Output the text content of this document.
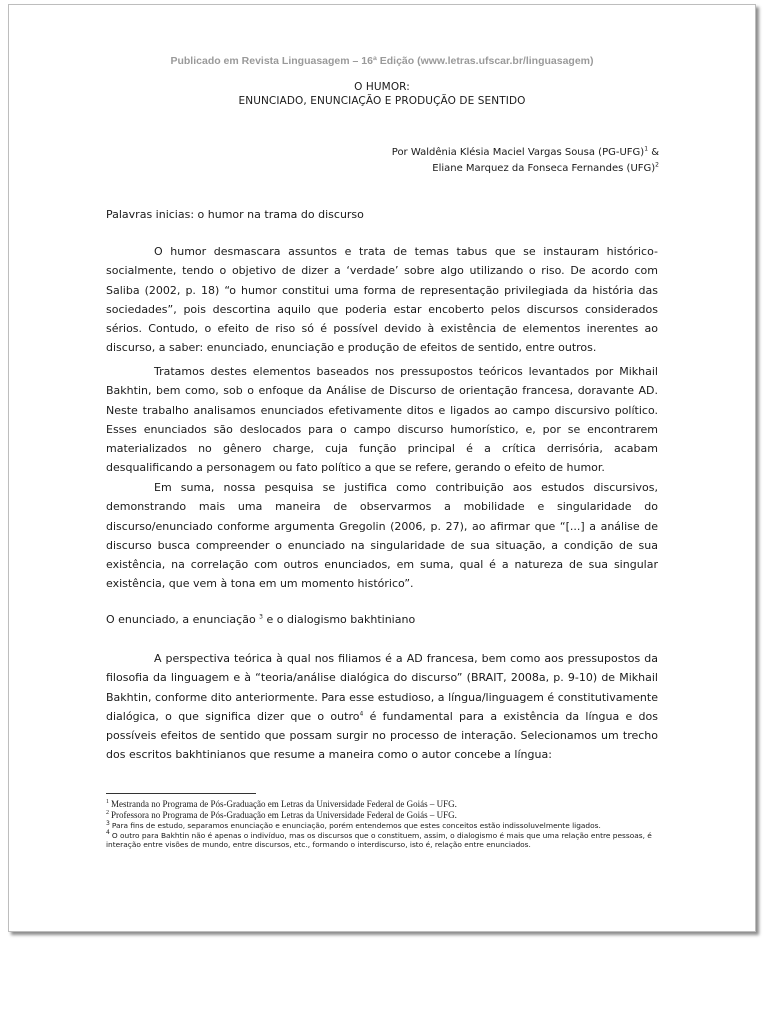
Publicado em Revista Linguasagem – 16ª Edição (www.letras.ufscar.br/linguasagem)
O HUMOR:
ENUNCIADO, ENUNCIAÇÃO E PRODUÇÃO DE SENTIDO
Por Waldênia Klésia Maciel Vargas Sousa $(PG-UFG)^1$ &
Eliane Marquez da Fonseca Fernandes (UFG)$^2$
Palavras inicias: o humor na trama do discurso

O humor desmascara assuntos e trata de temas tabus que se instauram histórico-socialmente, tendo o objetivo de dizer a ‘verdade’ sobre algo utilizando o riso. De acordo com Saliba (2002, p. 18) “o humor constitui uma forma de representação privilegiada da história das sociedades”, pois descortina aquilo que poderia estar encoberto pelos discursos considerados sérios. Contudo, o efeito de riso só é possível devido à existência de elementos inerentes ao discurso, a saber: enunciado, enunciação e produção de efeitos de sentido, entre outros.

Tratamos destes elementos baseados nos pressupostos teóricos levantados por Mikhail Bakhtin, bem como, sob o enfoque da Análise de Discurso de orientação francesa, doravante AD. Neste trabalho analisamos enunciados efetivamente ditos e ligados ao campo discursivo político. Esses enunciados são deslocados para o campo discurso humorístico, e, por se encontrarem materializados no gênero charge, cuja função principal é a crítica derrisória, acabam desqualificando a personagem ou fato político a que se refere, gerando o efeito de humor.

Em suma, nossa pesquisa se justifica como contribuição aos estudos discursivos, demonstrando mais uma maneira de observarmos a mobilidade e singularidade do discurso/enunciado conforme argumenta Gregolin (2006, p. 27), ao afirmar que “[...] a análise de discurso busca compreender o enunciado na singularidade de sua situação, a condição de sua existência, na correlação com outros enunciados, em suma, qual é a natureza de sua singular existência, que vem à tona em um momento histórico”.

O enunciado, a enunciação $^3$ e o dialogismo bakhtiniano

A perspectiva teórica à qual nos filiamos é a AD francesa, bem como aos pressupostos da filosofia da linguagem e à “teoria/análise dialógica do discurso” (BRAIT, 2008a, p. 9-10) de Mikhail Bakhtin, conforme dito anteriormente. Para esse estudioso, a língua/linguagem é constitutivamente dialógica, o que significa dizer que o outro$^4$ é fundamental para a existência da língua e dos possíveis efeitos de sentido que possam surgir no processo de interação. Selecionamos um trecho dos escritos bakhtinianos que resume a maneira como o autor concebe a língua:

$^1$ Mestranda no Programa de Pós-Graduação em Letras da Universidade Federal de Goiás – UFG.
$^2$ Professora no Programa de Pós-Graduação em Letras da Universidade Federal de Goiás – UFG.
$^3$ Para fins de estudo, separamos enunciação e enunciação, porém entendemos que estes conceitos estão indissoluvelmente ligados.
$^4$ O outro para Bakhtin não é apenas o indivíduo, mas os discursos que o constituem, assim, o dialogismo é mais que uma relação entre pessoas, é interação entre visões de mundo, entre discursos, etc., formando o interdiscurso, isto é, relação entre enunciados.
